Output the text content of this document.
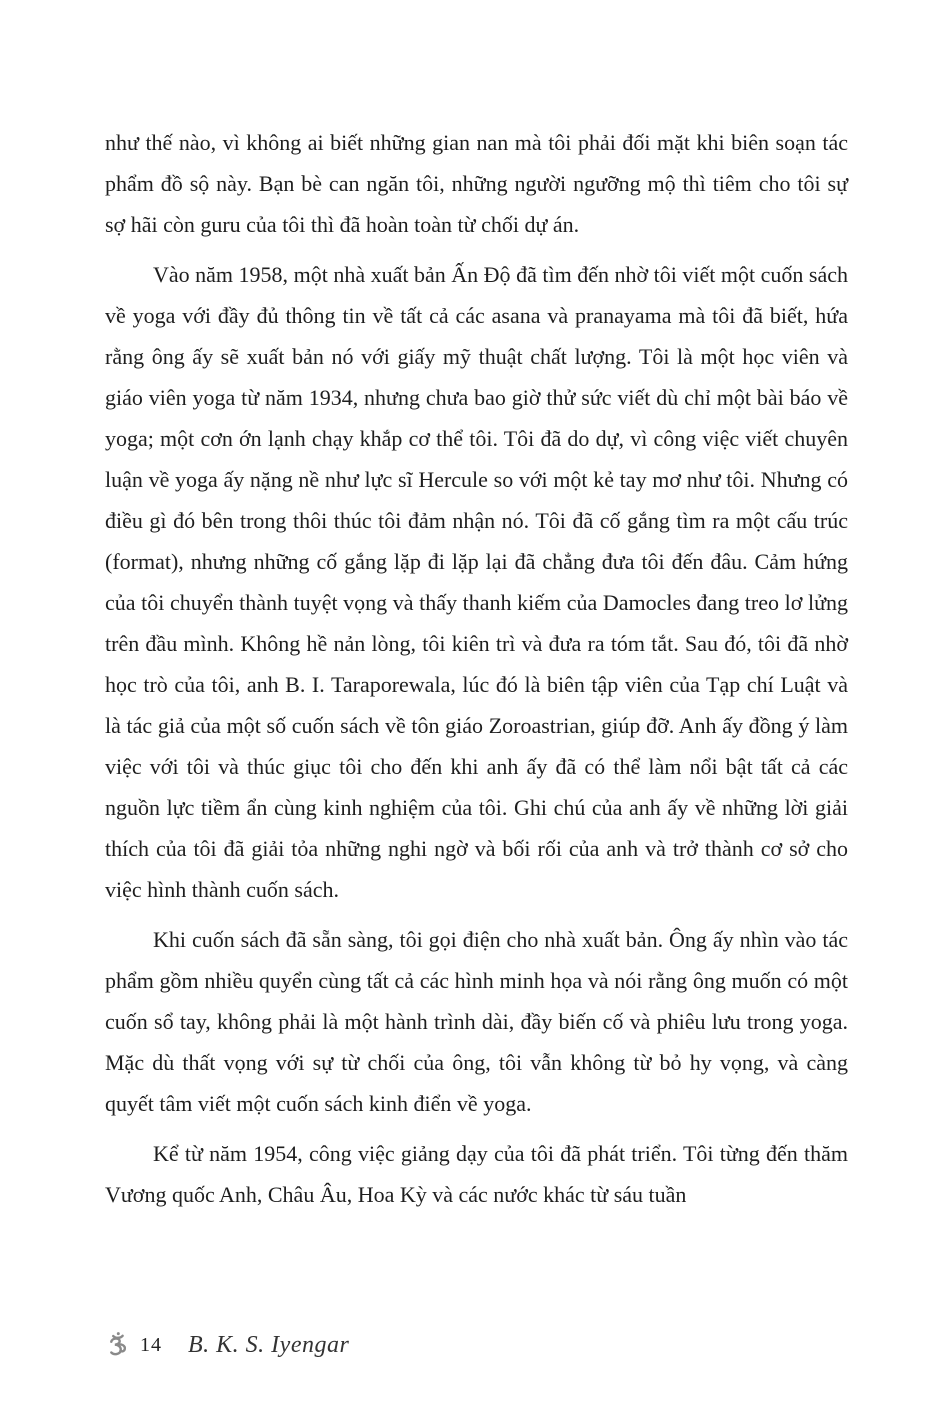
như thế nào, vì không ai biết những gian nan mà tôi phải đối mặt khi biên soạn tác phẩm đồ sộ này. Bạn bè can ngăn tôi, những người ngưỡng mộ thì tiêm cho tôi sự sợ hãi còn guru của tôi thì đã hoàn toàn từ chối dự án.

Vào năm 1958, một nhà xuất bản Ấn Độ đã tìm đến nhờ tôi viết một cuốn sách về yoga với đầy đủ thông tin về tất cả các asana và pranayama mà tôi đã biết, hứa rằng ông ấy sẽ xuất bản nó với giấy mỹ thuật chất lượng. Tôi là một học viên và giáo viên yoga từ năm 1934, nhưng chưa bao giờ thử sức viết dù chỉ một bài báo về yoga; một cơn ớn lạnh chạy khắp cơ thể tôi. Tôi đã do dự, vì công việc viết chuyên luận về yoga ấy nặng nề như lực sĩ Hercule so với một kẻ tay mơ như tôi. Nhưng có điều gì đó bên trong thôi thúc tôi đảm nhận nó. Tôi đã cố gắng tìm ra một cấu trúc (format), nhưng những cố gắng lặp đi lặp lại đã chẳng đưa tôi đến đâu. Cảm hứng của tôi chuyển thành tuyệt vọng và thấy thanh kiếm của Damocles đang treo lơ lửng trên đầu mình. Không hề nản lòng, tôi kiên trì và đưa ra tóm tắt. Sau đó, tôi đã nhờ học trò của tôi, anh B. I. Taraporewala, lúc đó là biên tập viên của Tạp chí Luật và là tác giả của một số cuốn sách về tôn giáo Zoroastrian, giúp đỡ. Anh ấy đồng ý làm việc với tôi và thúc giục tôi cho đến khi anh ấy đã có thể làm nổi bật tất cả các nguồn lực tiềm ẩn cùng kinh nghiệm của tôi. Ghi chú của anh ấy về những lời giải thích của tôi đã giải tỏa những nghi ngờ và bối rối của anh và trở thành cơ sở cho việc hình thành cuốn sách.

Khi cuốn sách đã sẵn sàng, tôi gọi điện cho nhà xuất bản. Ông ấy nhìn vào tác phẩm gồm nhiều quyển cùng tất cả các hình minh họa và nói rằng ông muốn có một cuốn sổ tay, không phải là một hành trình dài, đầy biến cố và phiêu lưu trong yoga. Mặc dù thất vọng với sự từ chối của ông, tôi vẫn không từ bỏ hy vọng, và càng quyết tâm viết một cuốn sách kinh điển về yoga.

Kể từ năm 1954, công việc giảng dạy của tôi đã phát triển. Tôi từng đến thăm Vương quốc Anh, Châu Âu, Hoa Kỳ và các nước khác từ sáu tuần

14 B. K. S. Iyengar
